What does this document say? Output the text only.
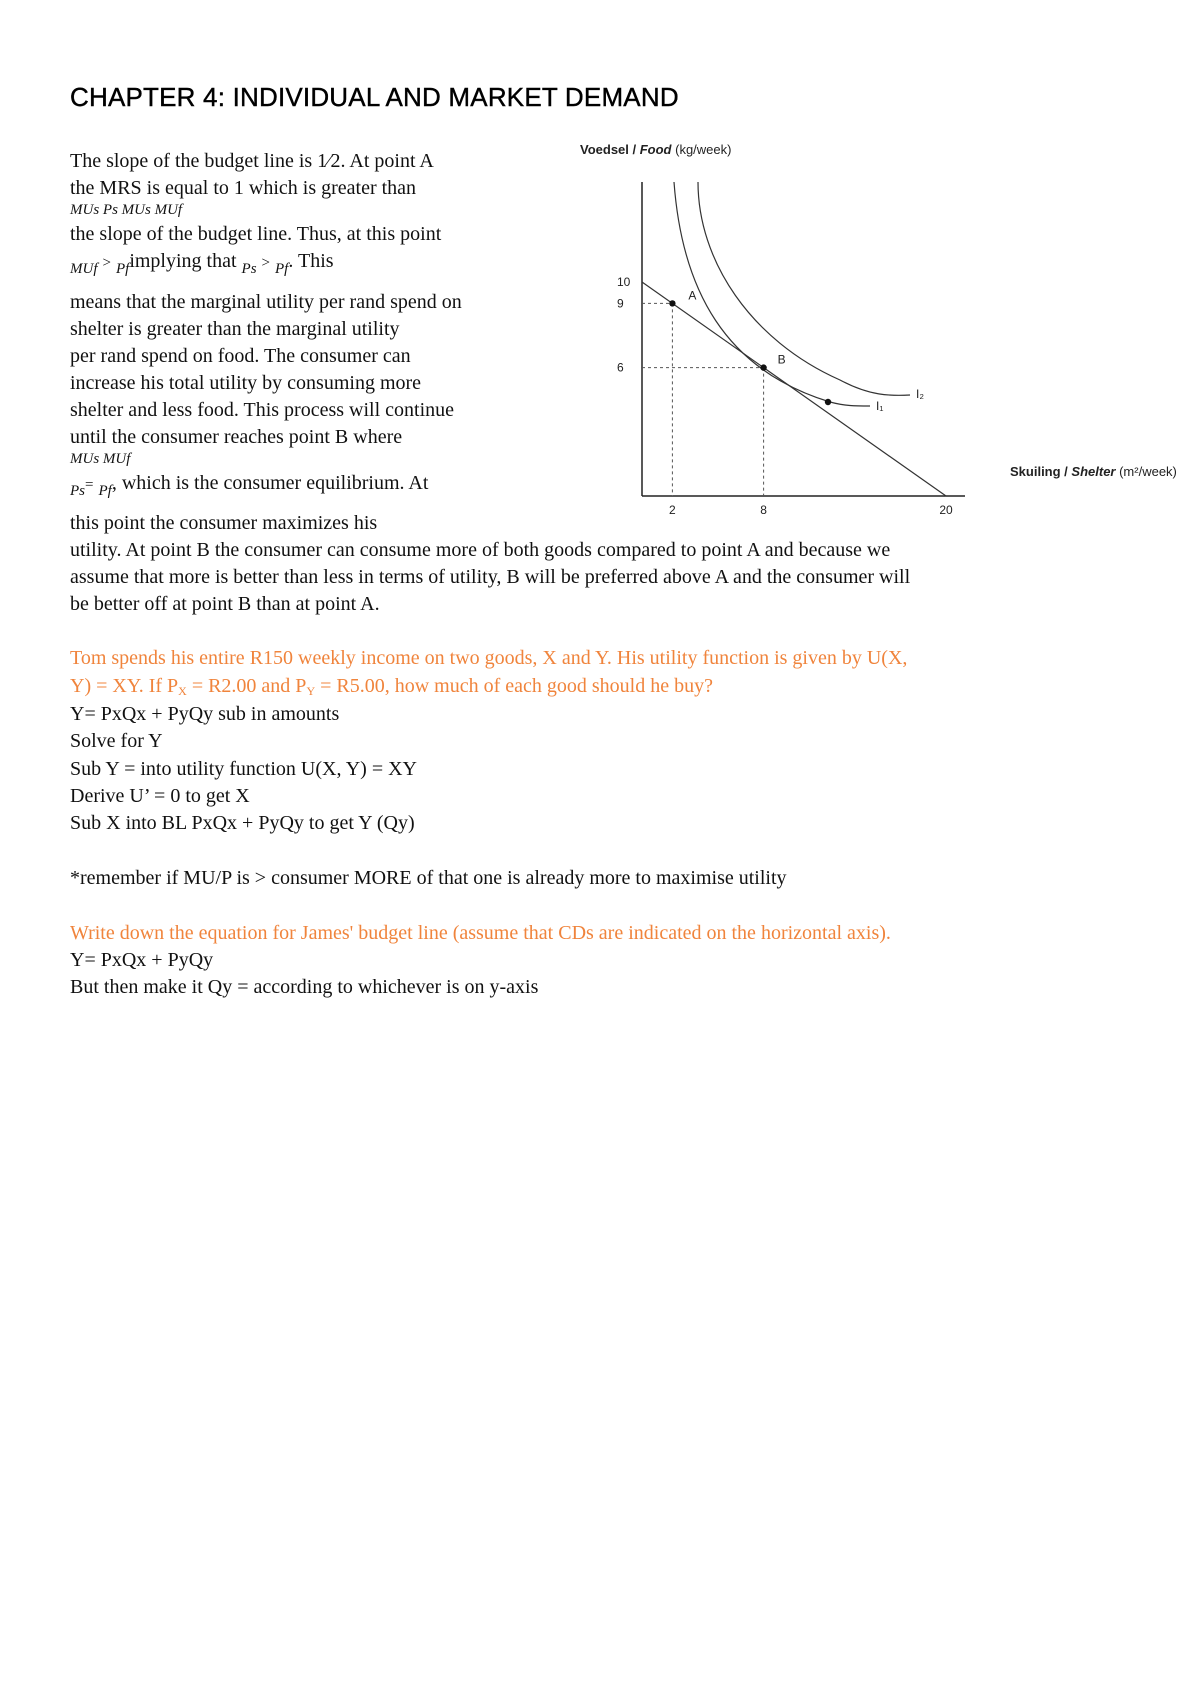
CHAPTER 4: INDIVIDUAL AND MARKET DEMAND
The slope of the budget line is 1⁄2. At point A
the MRS is equal to 1 which is greater than
MUs Ps MUs MUf
the slope of the budget line. Thus, at this point
$_{MUf}$ > $_{Pf}$implying that $_{Ps}$ > $_{Pf}$. This
means that the marginal utility per rand spend on
shelter is greater than the marginal utility
per rand spend on food. The consumer can
increase his total utility by consuming more
shelter and less food. This process will continue
until the consumer reaches point B where
MUs MUf
$_{Ps}$= $_{Pf}$, which is the consumer equilibrium. At
this point the consumer maximizes his
utility. At point B the consumer can consume more of both goods compared to point A and because we
assume that more is better than less in terms of utility, B will be preferred above A and the consumer will
be better off at point B than at point A.
Tom spends his entire R150 weekly income on two goods, X and Y. His utility function is given by U(X,
Y) = XY. If PX = R2.00 and PY = R5.00, how much of each good should he buy?
Y= PxQx + PyQy sub in amounts
Solve for Y
Sub Y = into utility function U(X, Y) = XY
Derive U’ = 0 to get X
Sub X into BL PxQx + PyQy to get Y (Qy)
*remember if MU/P is > consumer MORE of that one is already more to maximise utility
Write down the equation for James' budget line (assume that CDs are indicated on the horizontal axis).
Y= PxQx + PyQy
But then make it Qy = according to whichever is on y-axis
Voedsel / Food (kg/week)
10
9
6
2	8	20
A
B
I₂
I₁
Skuiling / Shelter (m²/week)
